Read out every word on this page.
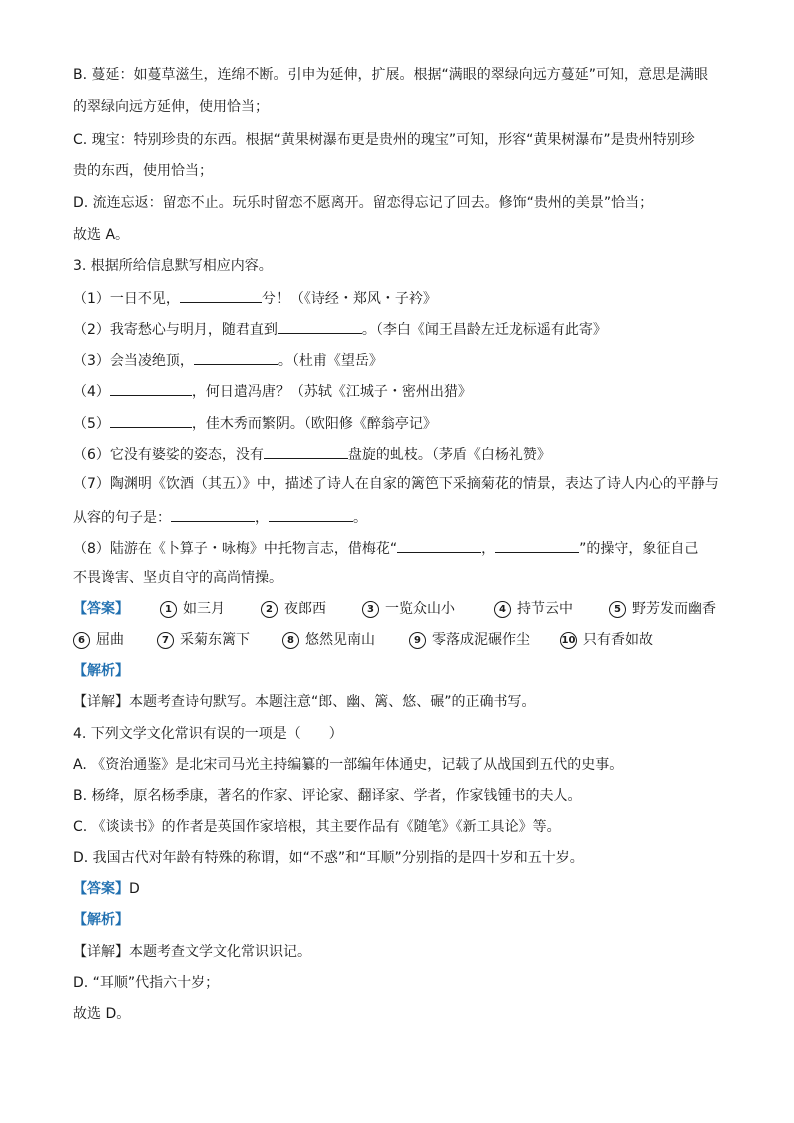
B. 蔓延：如蔓草滋生，连绵不断。引申为延伸，扩展。根据“满眼的翠绿向远方蔓延”可知，意思是满眼
的翠绿向远方延伸，使用恰当；
C. 瑰宝：特别珍贵的东西。根据“黄果树瀑布更是贵州的瑰宝”可知，形容“黄果树瀑布”是贵州特别珍
贵的东西，使用恰当；
D. 流连忘返：留恋不止。玩乐时留恋不愿离开。留恋得忘记了回去。修饰“贵州的美景”恰当；
故选 A。
3. 根据所给信息默写相应内容。
（1）一日不见，	兮！（《诗经・郑风・子衿》
（2）我寄愁心与明月，随君直到	。（李白《闻王昌龄左迁龙标遥有此寄》
（3）会当凌绝顶，	。（杜甫《望岳》
（4）	，何日遣冯唐？（苏轼《江城子・密州出猎》
（5）	，佳木秀而繁阴。（欧阳修《醉翁亭记》
（6）它没有婆娑的姿态，没有	盘旋的虬枝。（茅盾《白杨礼赞》
（7）陶渊明《饮酒（其五）》中，描述了诗人在自家的篱笆下采摘菊花的情景，表达了诗人内心的平静与
从容的句子是：	，	。
（8）陆游在《卜算子・咏梅》中托物言志，借梅花“	，	”的操守，象征自己
不畏谗害、坚贞自守的高尚情操。
【答案】	1 如三月	2 夜郎西	3 一览众山小	4 持节云中	5 野芳发而幽香
6 屈曲	7 采菊东篱下	8 悠然见南山	9 零落成泥碾作尘	10 只有香如故
【解析】
【详解】本题考查诗句默写。本题注意“郎、幽、篱、悠、碾”的正确书写。
4. 下列文学文化常识有误的一项是（　　）
A. 《资治通鉴》是北宋司马光主持编纂的一部编年体通史，记载了从战国到五代的史事。
B. 杨绛，原名杨季康，著名的作家、评论家、翻译家、学者，作家钱锺书的夫人。
C. 《谈读书》的作者是英国作家培根，其主要作品有《随笔》《新工具论》等。
D. 我国古代对年龄有特殊的称谓，如“不惑”和“耳顺”分别指的是四十岁和五十岁。
【答案】D
【解析】
【详解】本题考查文学文化常识识记。
D. “耳顺”代指六十岁；
故选 D。
